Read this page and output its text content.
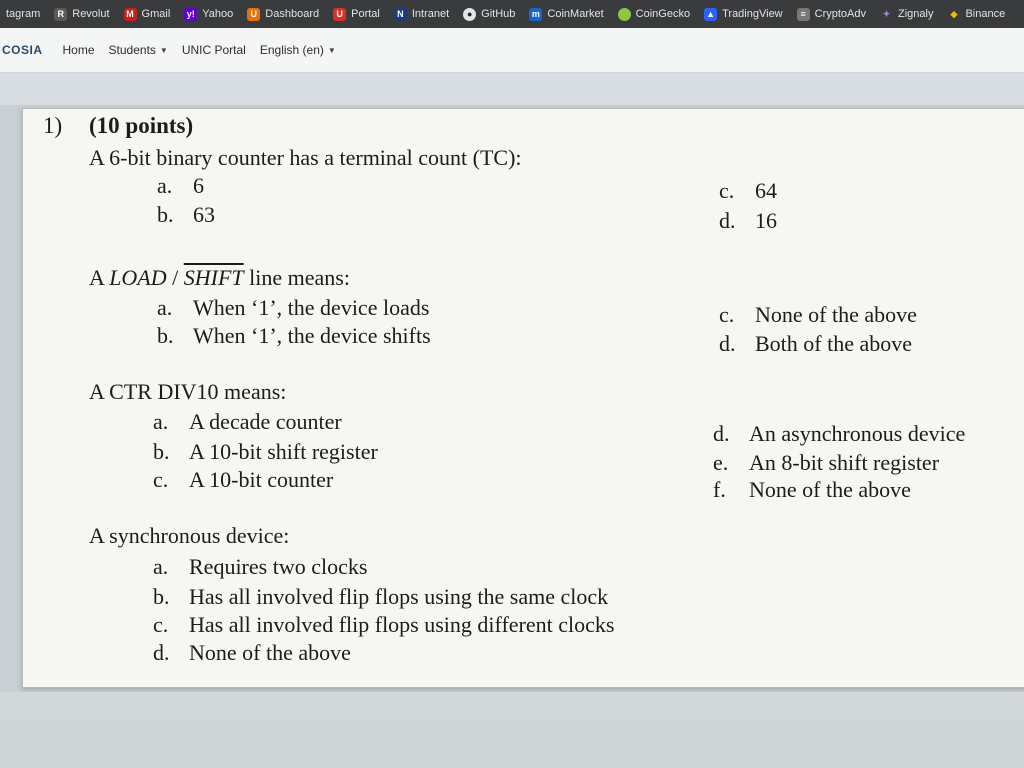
tagram	R Revolut	M Gmail y! Yahoo	U Dashboard	U Portal	N Intranet	● GitHub m CoinMarket	CoinGecko ▲ TradingView	≡ CryptoAdv	✦ Zignaly	◆ Binance
COSIA Home Students ▼ UNIC Portal English (en) ▼
1) (10 points)
A 6-bit binary counter has a terminal count (TC):
a. 6
b. 63
c. 64
d. 16
A LOAD / SHIFT line means:
a. When ‘1’, the device loads
b. When ‘1’, the device shifts
c. None of the above
d. Both of the above
A CTR DIV10 means:
a. A decade counter
b. A 10-bit shift register
c. A 10-bit counter
d. An asynchronous device
e. An 8-bit shift register
f. None of the above
A synchronous device:
a. Requires two clocks
b. Has all involved flip flops using the same clock
c. Has all involved flip flops using different clocks
d. None of the above
